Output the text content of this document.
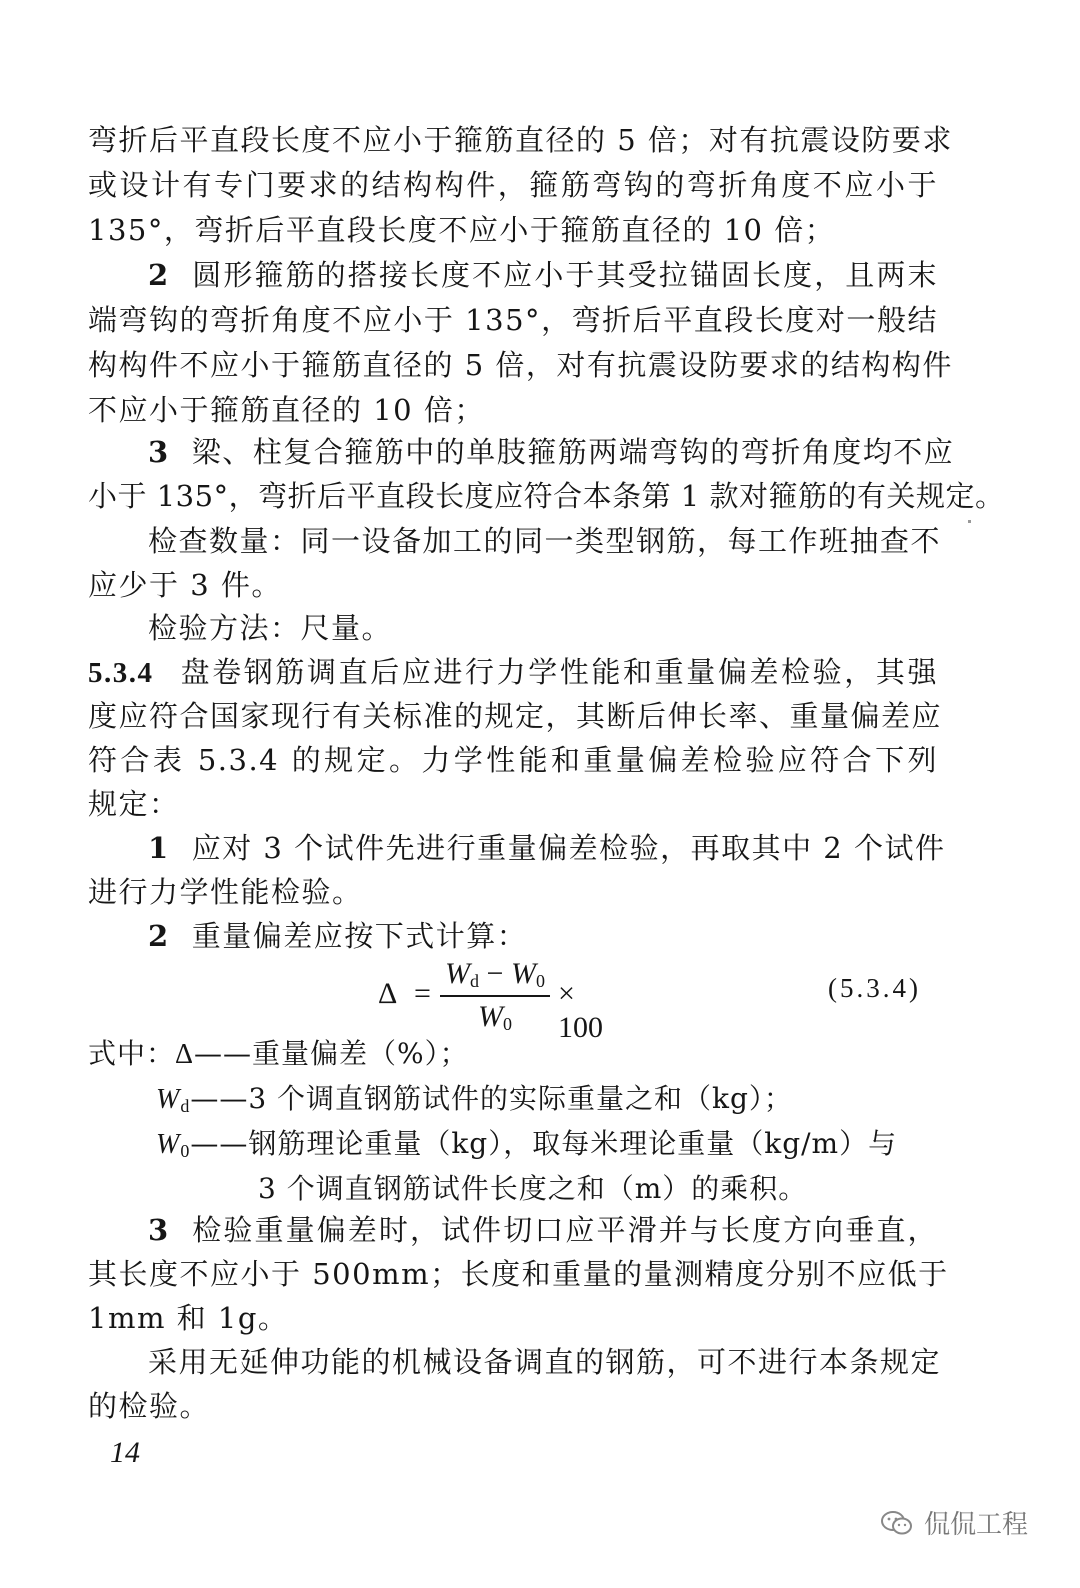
弯折后平直段长度不应小于箍筋直径的 5 倍；对有抗震设防要求
或设计有专门要求的结构构件，箍筋弯钩的弯折角度不应小于
135°，弯折后平直段长度不应小于箍筋直径的 10 倍；
2 圆形箍筋的搭接长度不应小于其受拉锚固长度，且两末
端弯钩的弯折角度不应小于 135°，弯折后平直段长度对一般结
构构件不应小于箍筋直径的 5 倍，对有抗震设防要求的结构构件
不应小于箍筋直径的 10 倍；
3 梁、柱复合箍筋中的单肢箍筋两端弯钩的弯折角度均不应
小于 135°，弯折后平直段长度应符合本条第 1 款对箍筋的有关规定。
检查数量：同一设备加工的同一类型钢筋，每工作班抽查不
应少于 3 件。
检验方法：尺量。
5.3.4 盘卷钢筋调直后应进行力学性能和重量偏差检验，其强
度应符合国家现行有关标准的规定，其断后伸长率、重量偏差应
符合表 5.3.4 的规定。力学性能和重量偏差检验应符合下列
规定：
1 应对 3 个试件先进行重量偏差检验，再取其中 2 个试件
进行力学性能检验。
2 重量偏差应按下式计算：
Δ =
$W_d - W_0$
$W_0$
× 100
(5.3.4)
式中：Δ——重量偏差（%）；
$W_d——3$ 个调直钢筋试件的实际重量之和（kg）；
$W_0——$钢筋理论重量（kg），取每米理论重量（kg/m）与
3 个调直钢筋试件长度之和（m）的乘积。
3 检验重量偏差时，试件切口应平滑并与长度方向垂直，
其长度不应小于 500mm；长度和重量的量测精度分别不应低于
1mm 和 1g。
采用无延伸功能的机械设备调直的钢筋，可不进行本条规定
的检验。
14
侃侃工程
